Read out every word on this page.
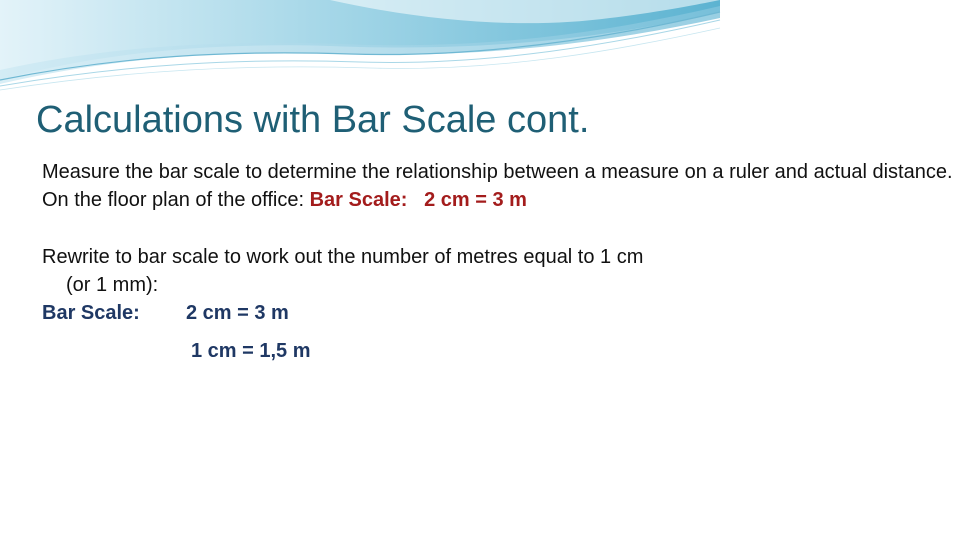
Calculations with Bar Scale cont.

Measure the bar scale to determine the relationship between a measure on a ruler and actual distance.

On the floor plan of the office: Bar Scale:   2 cm = 3 m

Rewrite to bar scale to work out the number of metres equal to 1 cm (or 1 mm):

Bar Scale: 2 cm = 3 m
1 cm = 1,5 m
